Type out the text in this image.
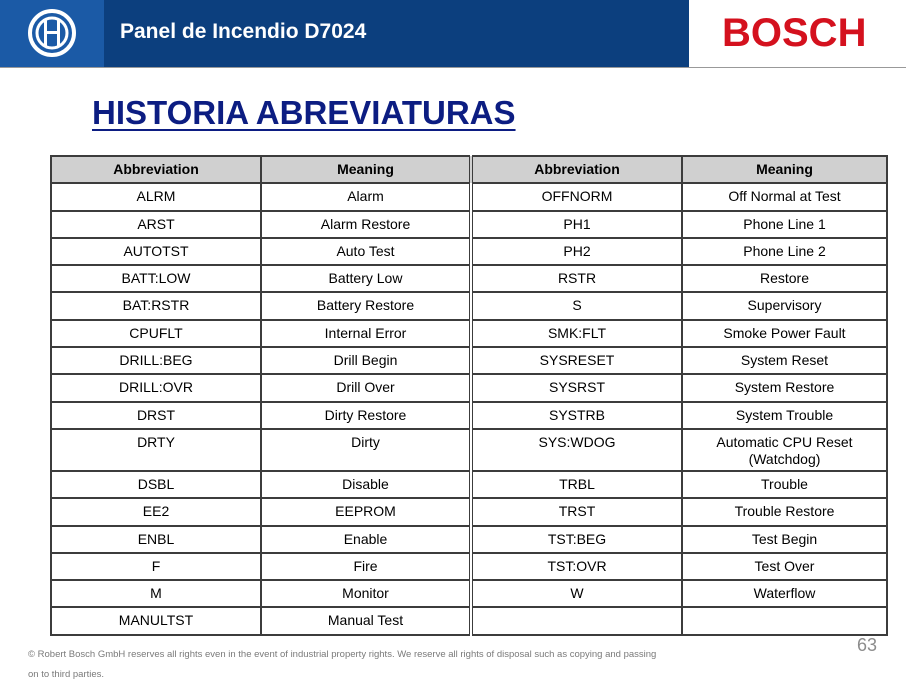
Panel de Incendio D7024	BOSCH
HISTORIA ABREVIATURAS
Abbreviation	Meaning	Abbreviation	Meaning
ALRM	Alarm	OFFNORM	Off Normal at Test
ARST	Alarm Restore	PH1	Phone Line 1
AUTOTST	Auto Test	PH2	Phone Line 2
BATT:LOW	Battery Low	RSTR	Restore
BAT:RSTR	Battery Restore	S	Supervisory
CPUFLT	Internal Error	SMK:FLT	Smoke Power Fault
DRILL:BEG	Drill Begin	SYSRESET	System Reset
DRILL:OVR	Drill Over	SYSRST	System Restore
DRST	Dirty Restore	SYSTRB	System Trouble
DRTY	Dirty	SYS:WDOG	Automatic CPU Reset (Watchdog)
DSBL	Disable	TRBL	Trouble
EE2	EEPROM	TRST	Trouble Restore
ENBL	Enable	TST:BEG	Test Begin
F	Fire	TST:OVR	Test Over
M	Monitor	W	Waterflow
MANULTST	Manual Test		
63
© Robert Bosch GmbH reserves all rights even in the event of industrial property rights. We reserve all rights of disposal such as copying and passing on to third parties.
